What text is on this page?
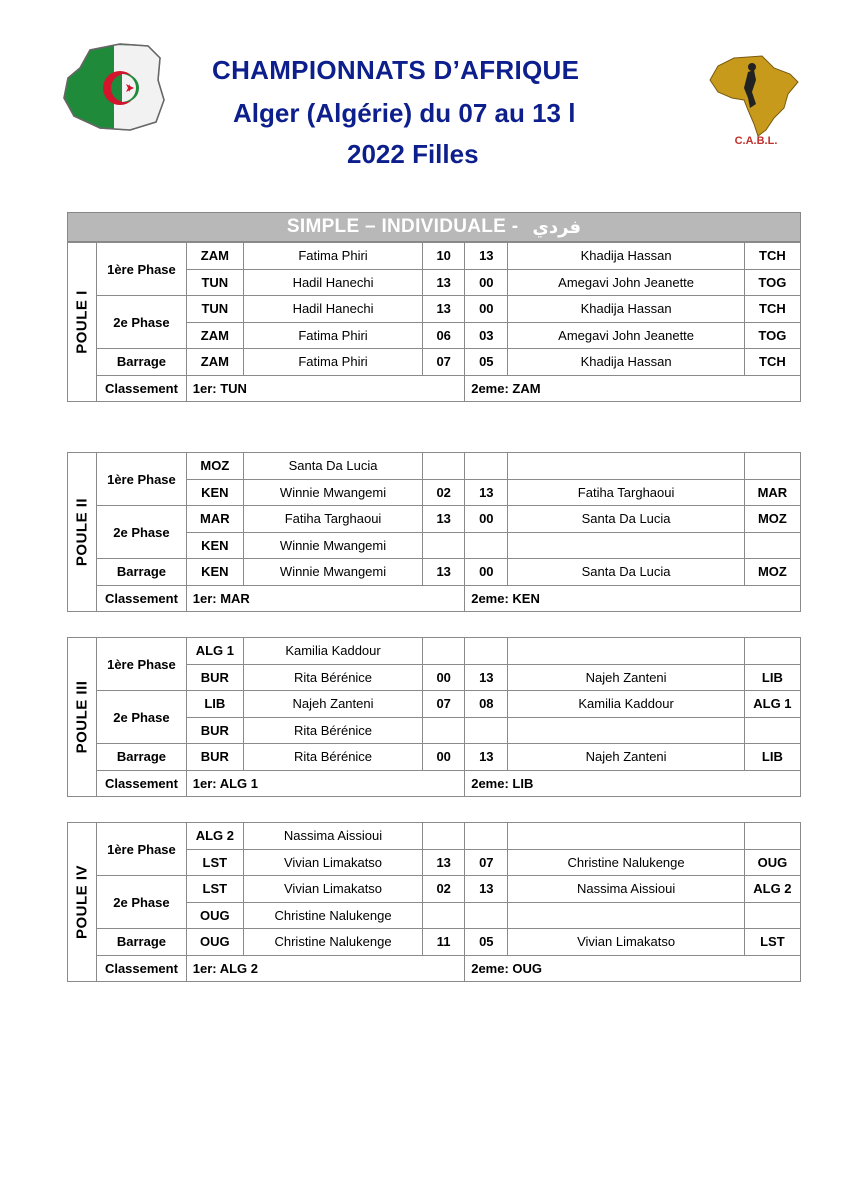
CHAMPIONNATS D’AFRIQUE
Alger (Algérie) du 07 au 13 l
2022 Filles	C.A.B.L.
SIMPLE – INDIVIDUALE - فردي
POULE I	1ère Phase	ZAM	Fatima Phiri	10	13	Khadija Hassan	TCH
		TUN	Hadil Hanechi	13	00	Amegavi John Jeanette	TOG
	2e Phase	TUN	Hadil Hanechi	13	00	Khadija Hassan	TCH
		ZAM	Fatima Phiri	06	03	Amegavi John Jeanette	TOG
	Barrage	ZAM	Fatima Phiri	07	05	Khadija Hassan	TCH
	Classement	1er: TUN			2eme: ZAM		
POULE II	1ère Phase	MOZ	Santa Da Lucia				
		KEN	Winnie Mwangemi	02	13	Fatiha Targhaoui	MAR
	2e Phase	MAR	Fatiha Targhaoui	13	00	Santa Da Lucia	MOZ
		KEN	Winnie Mwangemi				
	Barrage	KEN	Winnie Mwangemi	13	00	Santa Da Lucia	MOZ
	Classement	1er: MAR			2eme: KEN		
POULE III	1ère Phase	ALG 1	Kamilia Kaddour				
		BUR	Rita Bérénice	00	13	Najeh Zanteni	LIB
	2e Phase	LIB	Najeh Zanteni	07	08	Kamilia Kaddour	ALG 1
		BUR	Rita Bérénice				
	Barrage	BUR	Rita Bérénice	00	13	Najeh Zanteni	LIB
	Classement	1er: ALG 1			2eme: LIB		
POULE IV	1ère Phase	ALG 2	Nassima Aissioui				
		LST	Vivian Limakatso	13	07	Christine Nalukenge	OUG
	2e Phase	LST	Vivian Limakatso	02	13	Nassima Aissioui	ALG 2
		OUG	Christine Nalukenge				
	Barrage	OUG	Christine Nalukenge	11	05	Vivian Limakatso	LST
	Classement	1er: ALG 2			2eme: OUG		
